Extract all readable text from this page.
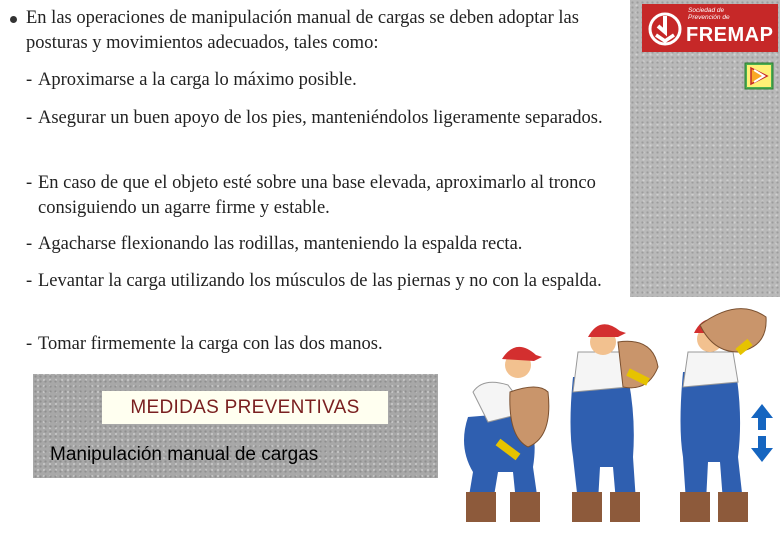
Sociedad de
Prevención de
FREMAP
En las operaciones de manipulación manual de cargas se deben adoptar las posturas y movimientos adecuados, tales como:
- Aproximarse a la carga lo máximo posible.
- Asegurar un buen apoyo de los pies, manteniéndolos ligeramente separados.
- En caso de que el objeto esté sobre una base elevada, aproximarlo al tronco consiguiendo un agarre firme y estable.
- Agacharse flexionando las rodillas, manteniendo la espalda recta.
- Levantar la carga utilizando los músculos de las piernas y no con la espalda.
- Tomar firmemente la carga con las dos manos.
MEDIDAS PREVENTIVAS
Manipulación manual de cargas
